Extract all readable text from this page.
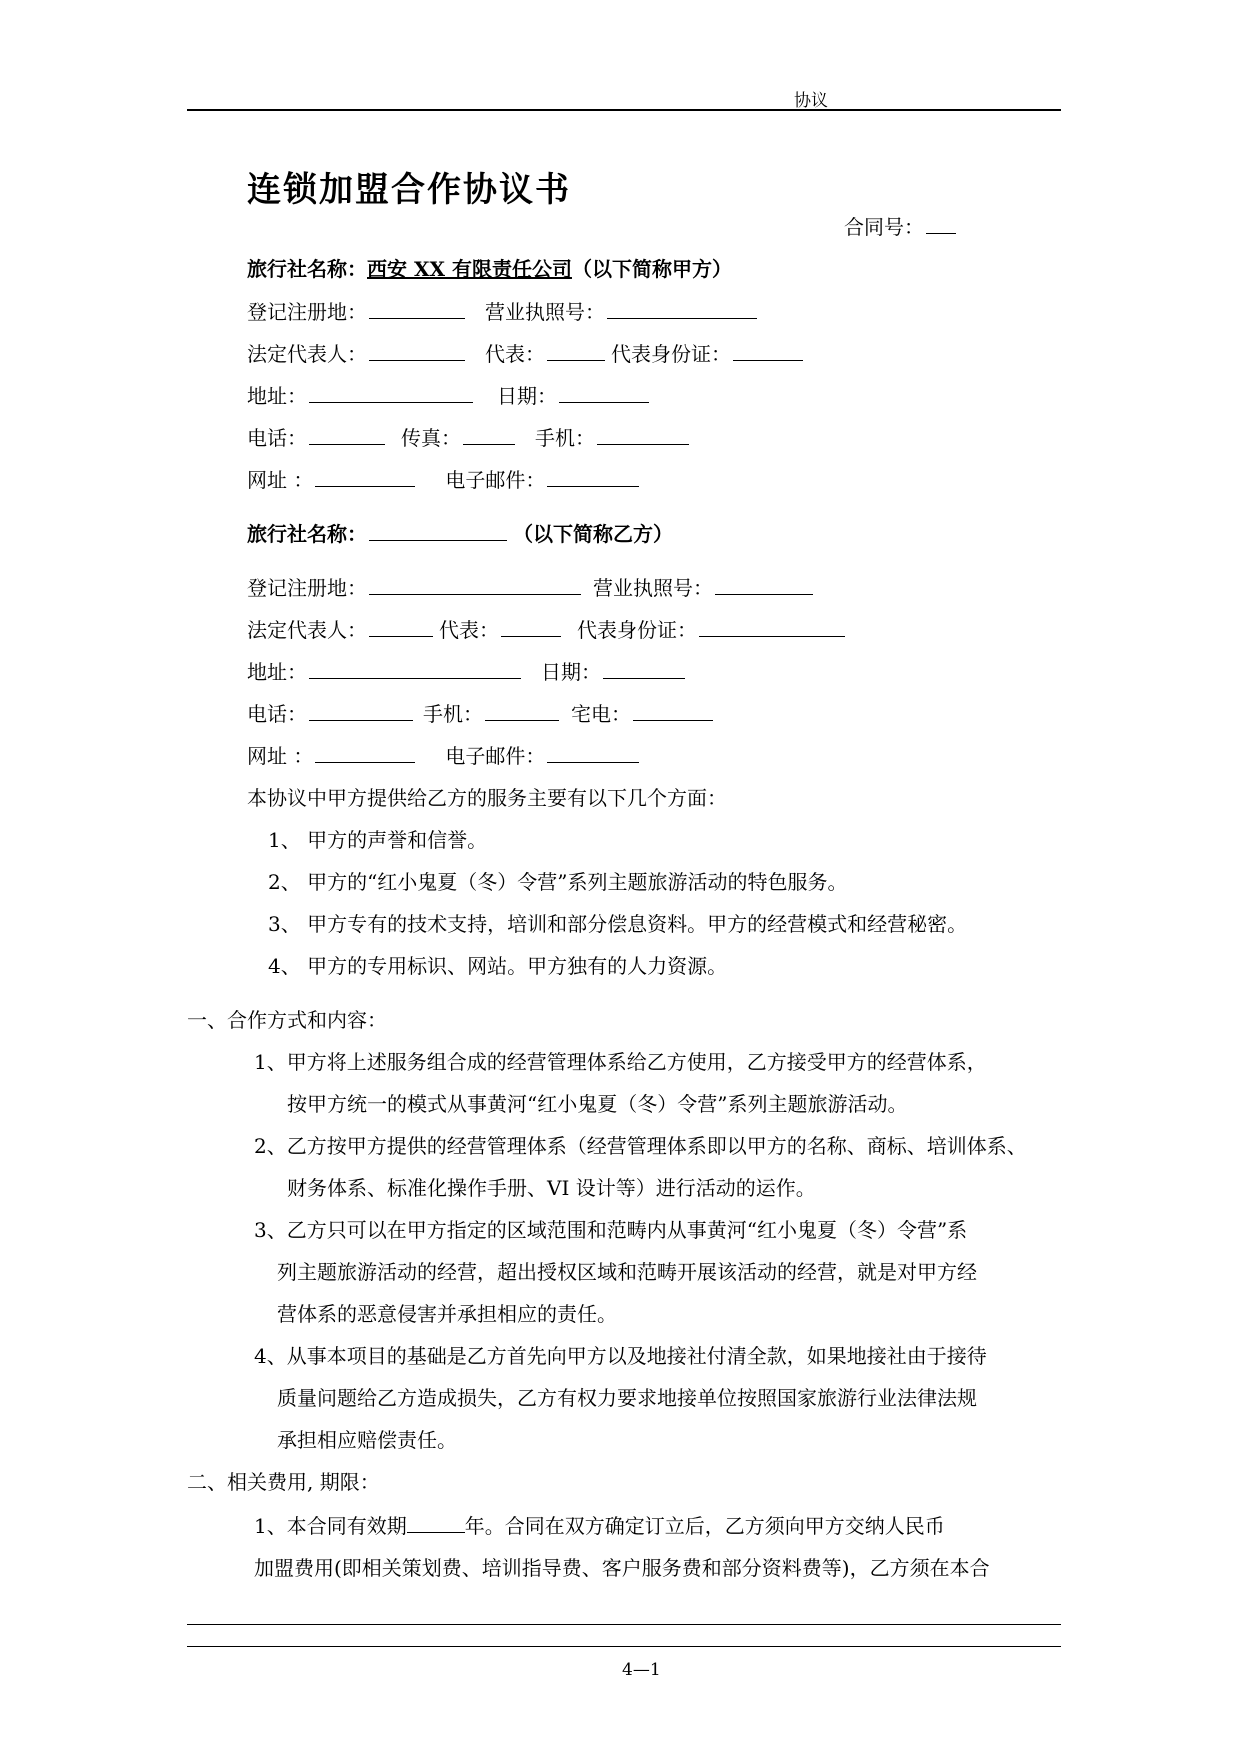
协议
连锁加盟合作协议书
合同号：
旅行社名称：西安 XX 有限责任公司（以下简称甲方）
登记注册地：	营业执照号：
法定代表人：	代表：	代表身份证：
地址：	日期：
电话：	传真：	手机：
网址 ：	电子邮件：
旅行社名称：	（以下简称乙方）
登记注册地：	营业执照号：
法定代表人：	代表：	代表身份证：
地址：	日期：
电话：	手机：	宅电：
网址 ：	电子邮件：
本协议中甲方提供给乙方的服务主要有以下几个方面：
1、 甲方的声誉和信誉。
2、 甲方的“红小鬼夏（冬）令营”系列主题旅游活动的特色服务。
3、 甲方专有的技术支持，培训和部分偿息资料。甲方的经营模式和经营秘密。
4、 甲方的专用标识、网站。甲方独有的人力资源。
一、合作方式和内容：
1、甲方将上述服务组合成的经营管理体系给乙方使用，乙方接受甲方的经营体系，
按甲方统一的模式从事黄河“红小鬼夏（冬）令营”系列主题旅游活动。
2、乙方按甲方提供的经营管理体系（经营管理体系即以甲方的名称、商标、培训体系、
财务体系、标准化操作手册、VI 设计等）进行活动的运作。
3、乙方只可以在甲方指定的区域范围和范畴内从事黄河“红小鬼夏（冬）令营”系
列主题旅游活动的经营，超出授权区域和范畴开展该活动的经营，就是对甲方经
营体系的恶意侵害并承担相应的责任。
4、从事本项目的基础是乙方首先向甲方以及地接社付清全款，如果地接社由于接待
质量问题给乙方造成损失，乙方有权力要求地接单位按照国家旅游行业法律法规
承担相应赔偿责任。
二、相关费用, 期限：
1、本合同有效期	年。合同在双方确定订立后，乙方须向甲方交纳人民币
加盟费用(即相关策划费、培训指导费、客户服务费和部分资料费等)，乙方须在本合
4—1
